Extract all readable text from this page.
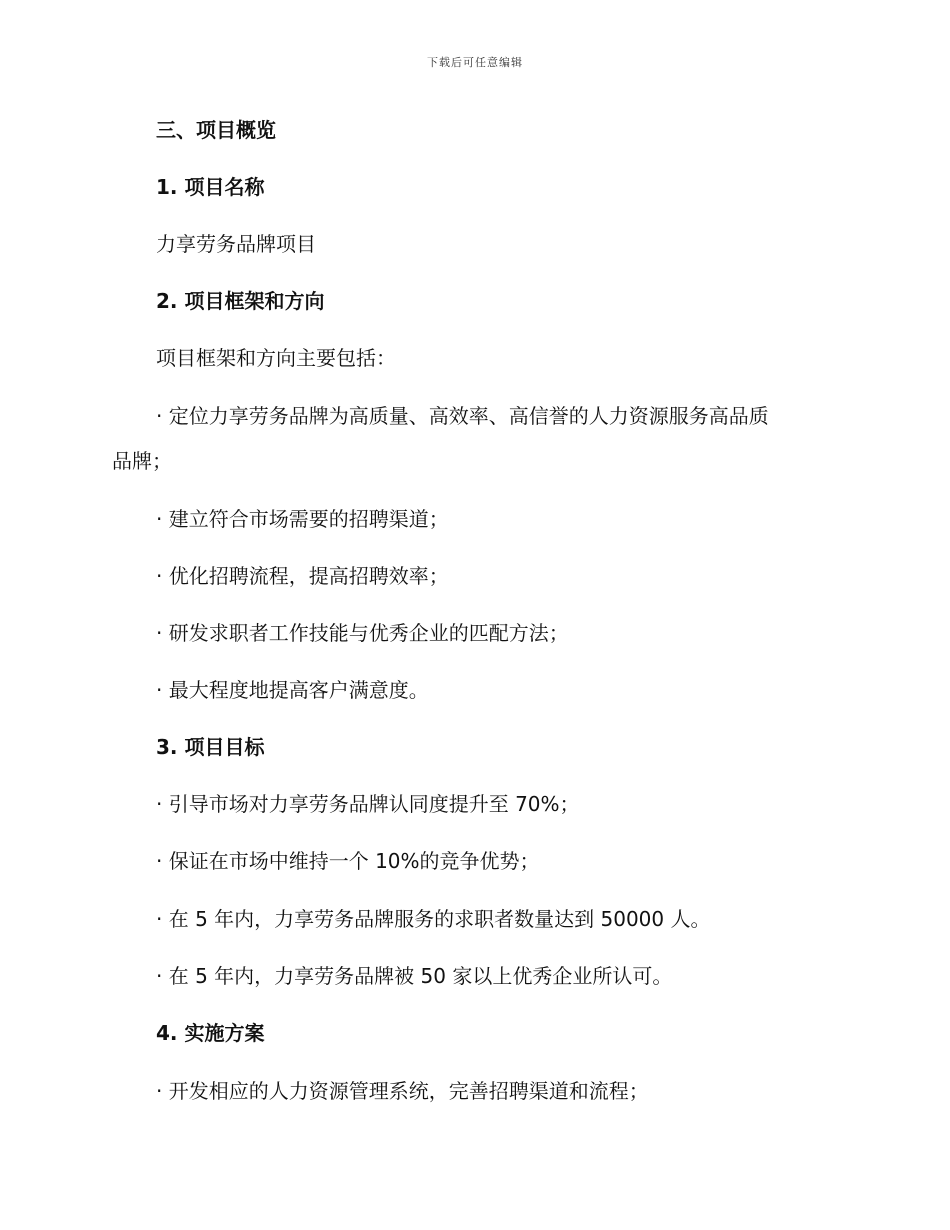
下载后可任意编辑
三、项目概览
1. 项目名称
力享劳务品牌项目
2. 项目框架和方向
项目框架和方向主要包括：
· 定位力享劳务品牌为高质量、高效率、高信誉的人力资源服务高品质
品牌；
· 建立符合市场需要的招聘渠道；
· 优化招聘流程，提高招聘效率；
· 研发求职者工作技能与优秀企业的匹配方法；
· 最大程度地提高客户满意度。
3. 项目目标
· 引导市场对力享劳务品牌认同度提升至 70%；
· 保证在市场中维持一个 10%的竞争优势；
· 在 5 年内，力享劳务品牌服务的求职者数量达到 50000 人。
· 在 5 年内，力享劳务品牌被 50 家以上优秀企业所认可。
4. 实施方案
· 开发相应的人力资源管理系统，完善招聘渠道和流程；
